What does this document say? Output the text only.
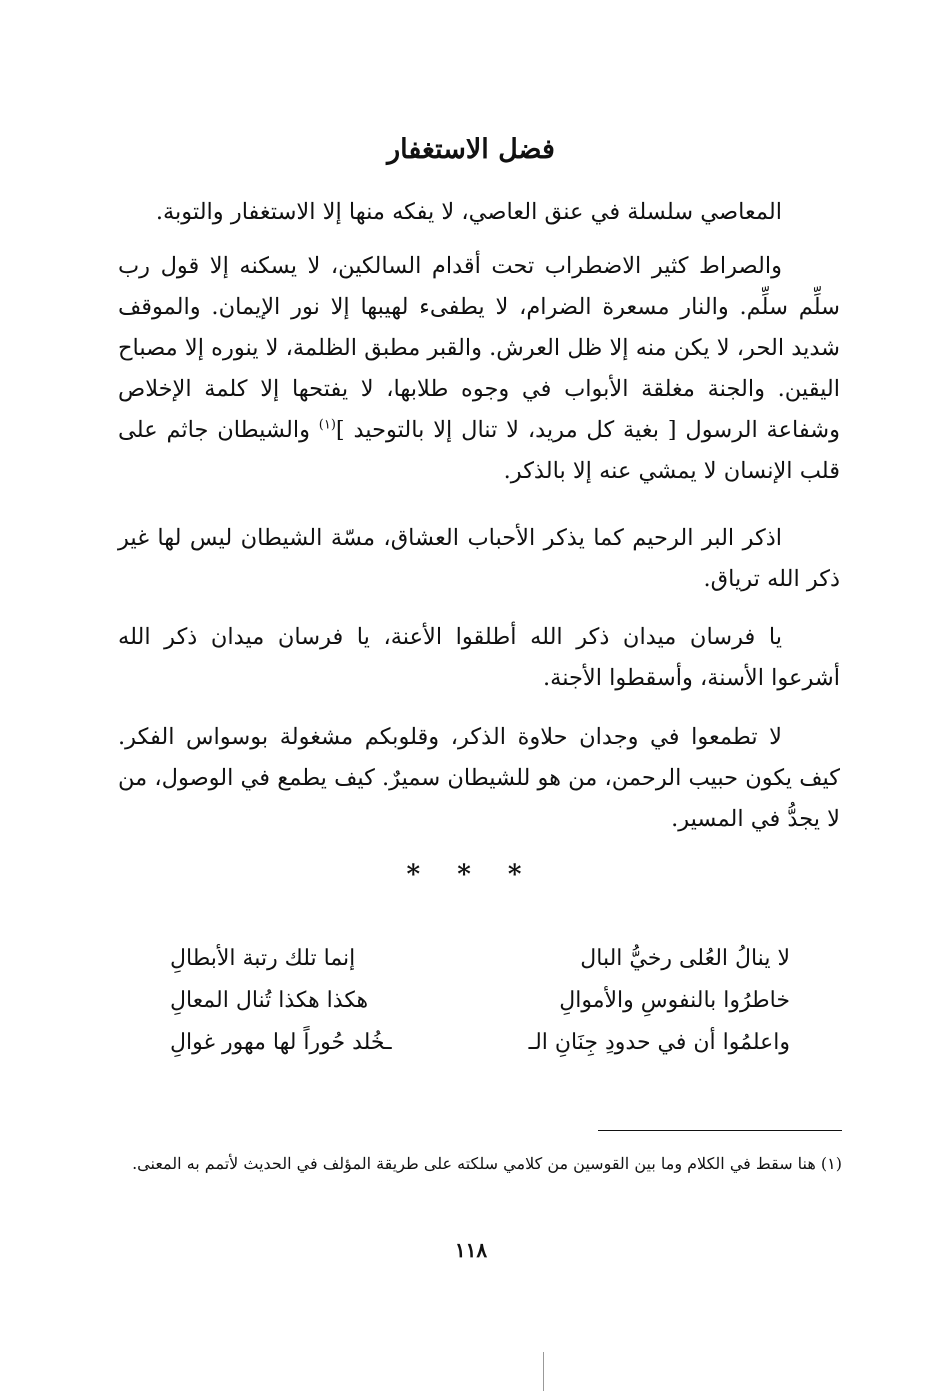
فضل الاستغفار

المعاصي سلسلة في عنق العاصي، لا يفكه منها إلا الاستغفار والتوبة.

والصراط كثير الاضطراب تحت أقدام السالكين، لا يسكنه إلا قول رب سلِّم سلِّم. والنار مسعرة الضرام، لا يطفىء لهيبها إلا نور الإيمان. والموقف شديد الحر، لا يكن منه إلا ظل العرش. والقبر مطبق الظلمة، لا ينوره إلا مصباح اليقين. والجنة مغلقة الأبواب في وجوه طلابها، لا يفتحها إلا كلمة الإخلاص وشفاعة الرسول [ بغية كل مريد، لا تنال إلا بالتوحيد ]$^{(١)}$ والشيطان جاثم على قلب الإنسان لا يمشي عنه إلا بالذكر.

اذكر البر الرحيم كما يذكر الأحباب العشاق، مسّة الشيطان ليس لها غير ذكر الله ترياق.

يا فرسان ميدان ذكر الله أطلقوا الأعنة، يا فرسان ميدان ذكر الله أشرعوا الأسنة، وأسقطوا الأجنة.

لا تطمعوا في وجدان حلاوة الذكر، وقلوبكم مشغولة بوسواس الفكر. كيف يكون حبيب الرحمن، من هو للشيطان سميرٌ. كيف يطمع في الوصول، من لا يجدُّ في المسير.

* * *

لا ينالُ العُلى رخيُّ البال
إنما تلك رتبة الأبطالِ
خاطرُوا بالنفوسِ والأموالِ
هكذا هكذا تُنال المعالِ
واعلمُوا أن في حدودِ جِنَانِ الـ
ـخُلد حُوراً لها مهور غوالِ

(١) هنا سقط في الكلام وما بين القوسين من كلامي سلكته على طريقة المؤلف في الحديث لأتمم به المعنى.

١١٨
